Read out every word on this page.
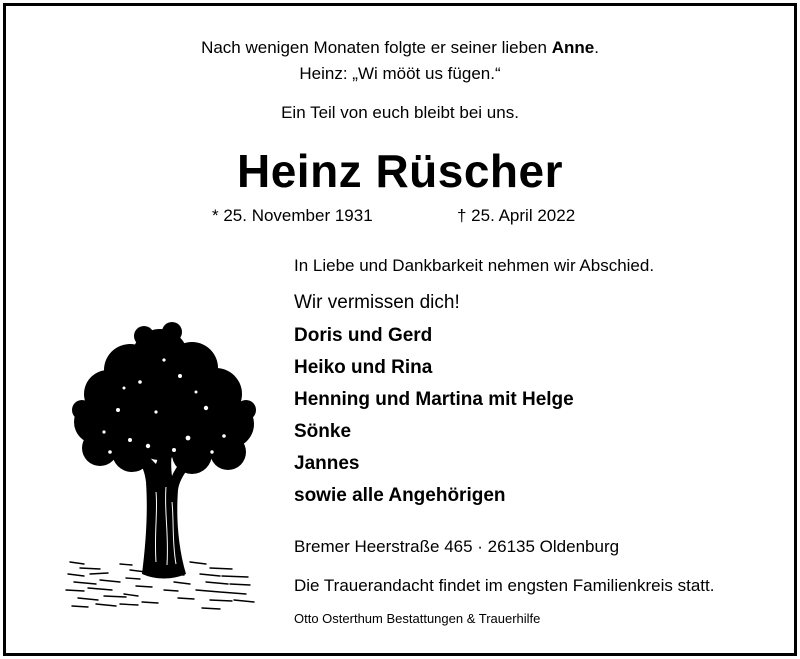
Nach wenigen Monaten folgte er seiner lieben Anne.
Heinz: „Wi mööt us fügen.“
Ein Teil von euch bleibt bei uns.
Heinz Rüscher
* 25. November 1931	† 25. April 2022
In Liebe und Dankbarkeit nehmen wir Abschied.
Wir vermissen dich!
Doris und Gerd
Heiko und Rina
Henning und Martina mit Helge
Sönke
Jannes
sowie alle Angehörigen
Bremer Heerstraße 465 · 26135 Oldenburg
Die Trauerandacht findet im engsten Familienkreis statt.
Otto Osterthum Bestattungen & Trauerhilfe
